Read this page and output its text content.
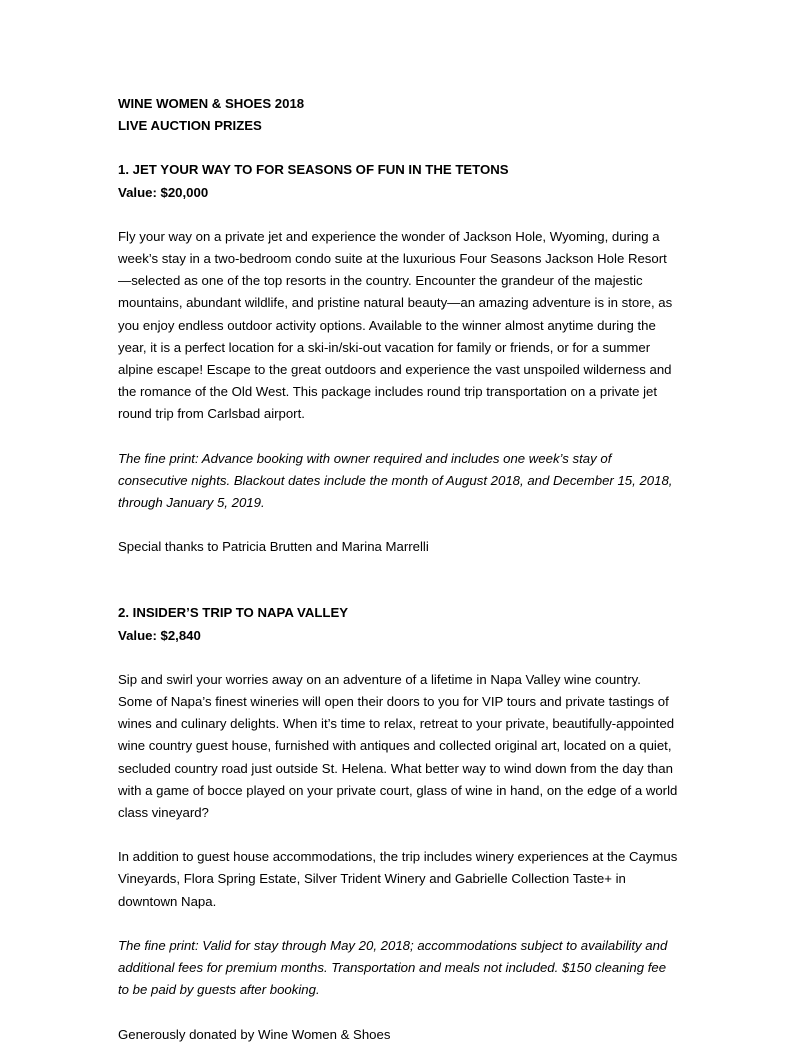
WINE WOMEN & SHOES 2018

LIVE AUCTION PRIZES

1. JET YOUR WAY TO FOR SEASONS OF FUN IN THE TETONS

Value: $20,000

Fly your way on a private jet and experience the wonder of Jackson Hole, Wyoming, during a week’s stay in a two-bedroom condo suite at the luxurious Four Seasons Jackson Hole Resort—selected as one of the top resorts in the country. Encounter the grandeur of the majestic mountains, abundant wildlife, and pristine natural beauty—an amazing adventure is in store, as you enjoy endless outdoor activity options. Available to the winner almost anytime during the year, it is a perfect location for a ski-in/ski-out vacation for family or friends, or for a summer alpine escape! Escape to the great outdoors and experience the vast unspoiled wilderness and the romance of the Old West. This package includes round trip transportation on a private jet round trip from Carlsbad airport.

The fine print: Advance booking with owner required and includes one week’s stay of consecutive nights. Blackout dates include the month of August 2018, and December 15, 2018, through January 5, 2019.

Special thanks to Patricia Brutten and Marina Marrelli

2. INSIDER’S TRIP TO NAPA VALLEY

Value: $2,840

Sip and swirl your worries away on an adventure of a lifetime in Napa Valley wine country. Some of Napa’s finest wineries will open their doors to you for VIP tours and private tastings of wines and culinary delights. When it’s time to relax, retreat to your private, beautifully-appointed wine country guest house, furnished with antiques and collected original art, located on a quiet, secluded country road just outside St. Helena. What better way to wind down from the day than with a game of bocce played on your private court, glass of wine in hand, on the edge of a world class vineyard?

In addition to guest house accommodations, the trip includes winery experiences at the Caymus Vineyards, Flora Spring Estate, Silver Trident Winery and Gabrielle Collection Taste+ in downtown Napa.

The fine print: Valid for stay through May 20, 2018; accommodations subject to availability and additional fees for premium months. Transportation and meals not included. $150 cleaning fee to be paid by guests after booking.

Generously donated by Wine Women & Shoes
